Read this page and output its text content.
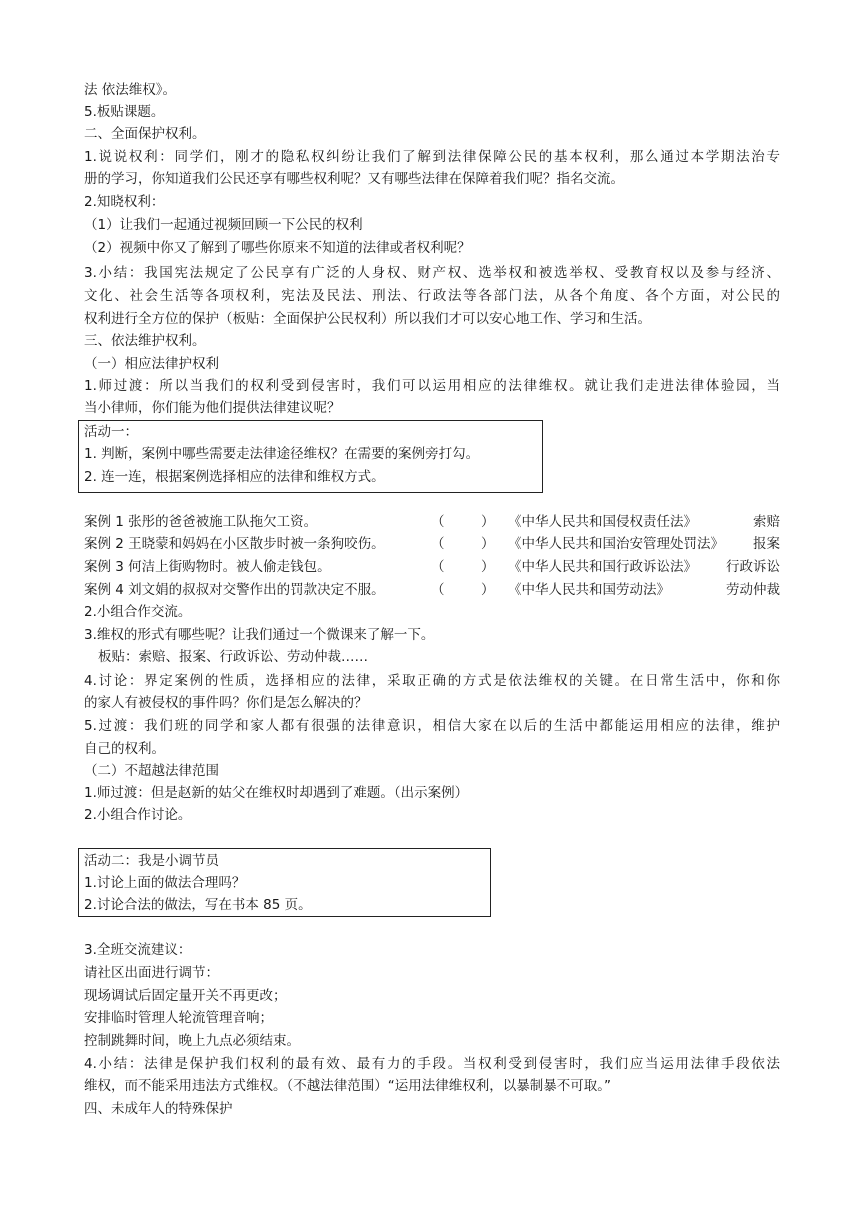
法 依法维权》。
5.板贴课题。
二、全面保护权利。
1.说说权利：同学们，刚才的隐私权纠纷让我们了解到法律保障公民的基本权利，那么通过本学期法治专
册的学习，你知道我们公民还享有哪些权利呢？又有哪些法律在保障着我们呢？指名交流。
2.知晓权利：
（1）让我们一起通过视频回顾一下公民的权利
（2）视频中你又了解到了哪些你原来不知道的法律或者权利呢？
3.小结：我国宪法规定了公民享有广泛的人身权、财产权、选举权和被选举权、受教育权以及参与经济、
文化、社会生活等各项权利，宪法及民法、刑法、行政法等各部门法，从各个角度、各个方面，对公民的
权利进行全方位的保护（板贴：全面保护公民权利）所以我们才可以安心地工作、学习和生活。
三、依法维护权利。
（一）相应法律护权利
1.师过渡：所以当我们的权利受到侵害时，我们可以运用相应的法律维权。就让我们走进法律体验园，当
当小律师，你们能为他们提供法律建议呢？
活动一：
1. 判断，案例中哪些需要走法律途径维权？在需要的案例旁打勾。
2. 连一连，根据案例选择相应的法律和维权方式。
案例 1 张彤的爸爸被施工队拖欠工资。	（	） 《中华人民共和国侵权责任法》	索赔
案例 2 王晓蒙和妈妈在小区散步时被一条狗咬伤。	（	） 《中华人民共和国治安管理处罚法》 报案
案例 3 何洁上街购物时。被人偷走钱包。	（	） 《中华人民共和国行政诉讼法》 行政诉讼
案例 4 刘文娟的叔叔对交警作出的罚款决定不服。	（	） 《中华人民共和国劳动法》	劳动仲裁
2.小组合作交流。
3.维权的形式有哪些呢？让我们通过一个微课来了解一下。
板贴：索赔、报案、行政诉讼、劳动仲裁……
4.讨论：界定案例的性质，选择相应的法律，采取正确的方式是依法维权的关键。在日常生活中，你和你
的家人有被侵权的事件吗？你们是怎么解决的？
5.过渡：我们班的同学和家人都有很强的法律意识，相信大家在以后的生活中都能运用相应的法律，维护
自己的权利。
（二）不超越法律范围
1.师过渡：但是赵新的姑父在维权时却遇到了难题。（出示案例）
2.小组合作讨论。
活动二：我是小调节员
1.讨论上面的做法合理吗？
2.讨论合法的做法，写在书本 85 页。
3.全班交流建议：
请社区出面进行调节：
现场调试后固定量开关不再更改；
安排临时管理人轮流管理音响；
控制跳舞时间，晚上九点必须结束。
4.小结：法律是保护我们权利的最有效、最有力的手段。当权利受到侵害时，我们应当运用法律手段依法
维权，而不能采用违法方式维权。（不越法律范围）“运用法律维权利，以暴制暴不可取。”
四、未成年人的特殊保护
